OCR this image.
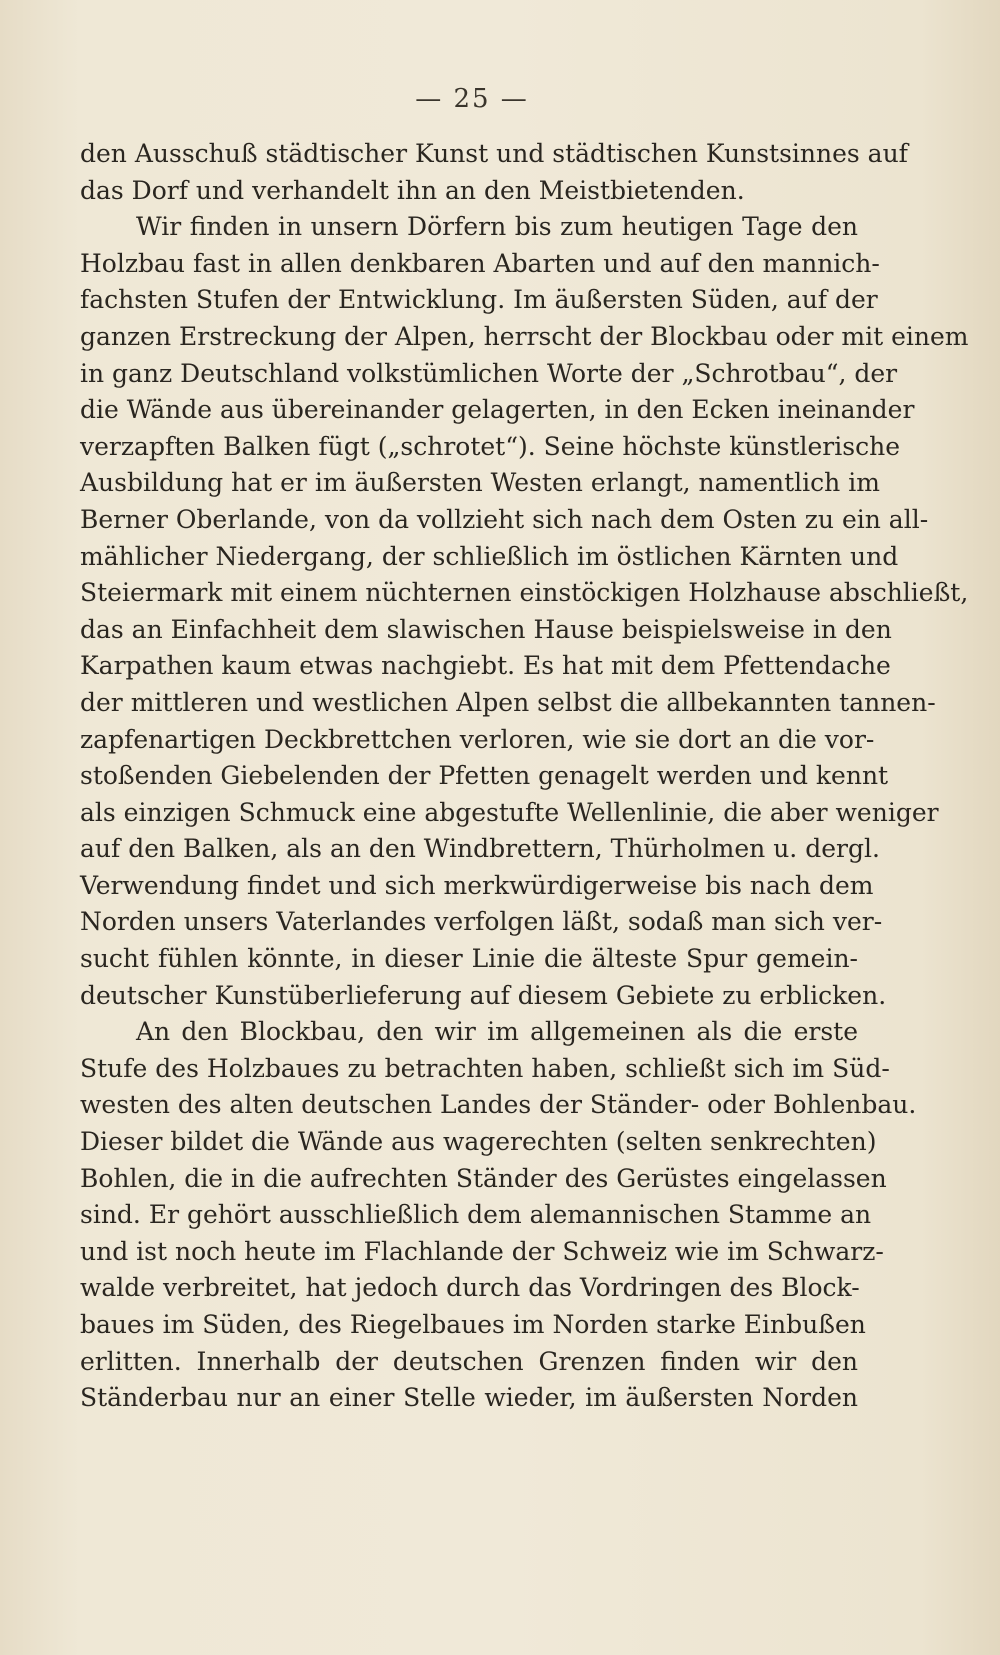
— 25 —
den Ausschuß städtischer Kunst und städtischen Kunstsinnes auf
das Dorf und verhandelt ihn an den Meistbietenden.
Wir finden in unsern Dörfern bis zum heutigen Tage den
Holzbau fast in allen denkbaren Abarten und auf den mannich-
fachsten Stufen der Entwicklung. Im äußersten Süden, auf der
ganzen Erstreckung der Alpen, herrscht der Blockbau oder mit einem
in ganz Deutschland volkstümlichen Worte der „Schrotbau“, der
die Wände aus übereinander gelagerten, in den Ecken ineinander
verzapften Balken fügt („schrotet“). Seine höchste künstlerische
Ausbildung hat er im äußersten Westen erlangt, namentlich im
Berner Oberlande, von da vollzieht sich nach dem Osten zu ein all-
mählicher Niedergang, der schließlich im östlichen Kärnten und
Steiermark mit einem nüchternen einstöckigen Holzhause abschließt,
das an Einfachheit dem slawischen Hause beispielsweise in den
Karpathen kaum etwas nachgiebt. Es hat mit dem Pfettendache
der mittleren und westlichen Alpen selbst die allbekannten tannen-
zapfenartigen Deckbrettchen verloren, wie sie dort an die vor-
stoßenden Giebelenden der Pfetten genagelt werden und kennt
als einzigen Schmuck eine abgestufte Wellenlinie, die aber weniger
auf den Balken, als an den Windbrettern, Thürholmen u. dergl.
Verwendung findet und sich merkwürdigerweise bis nach dem
Norden unsers Vaterlandes verfolgen läßt, sodaß man sich ver-
sucht fühlen könnte, in dieser Linie die älteste Spur gemein-
deutscher Kunstüberlieferung auf diesem Gebiete zu erblicken.
An den Blockbau, den wir im allgemeinen als die erste
Stufe des Holzbaues zu betrachten haben, schließt sich im Süd-
westen des alten deutschen Landes der Ständer- oder Bohlenbau.
Dieser bildet die Wände aus wagerechten (selten senkrechten)
Bohlen, die in die aufrechten Ständer des Gerüstes eingelassen
sind. Er gehört ausschließlich dem alemannischen Stamme an
und ist noch heute im Flachlande der Schweiz wie im Schwarz-
walde verbreitet, hat jedoch durch das Vordringen des Block-
baues im Süden, des Riegelbaues im Norden starke Einbußen
erlitten. Innerhalb der deutschen Grenzen finden wir den
Ständerbau nur an einer Stelle wieder, im äußersten Norden
